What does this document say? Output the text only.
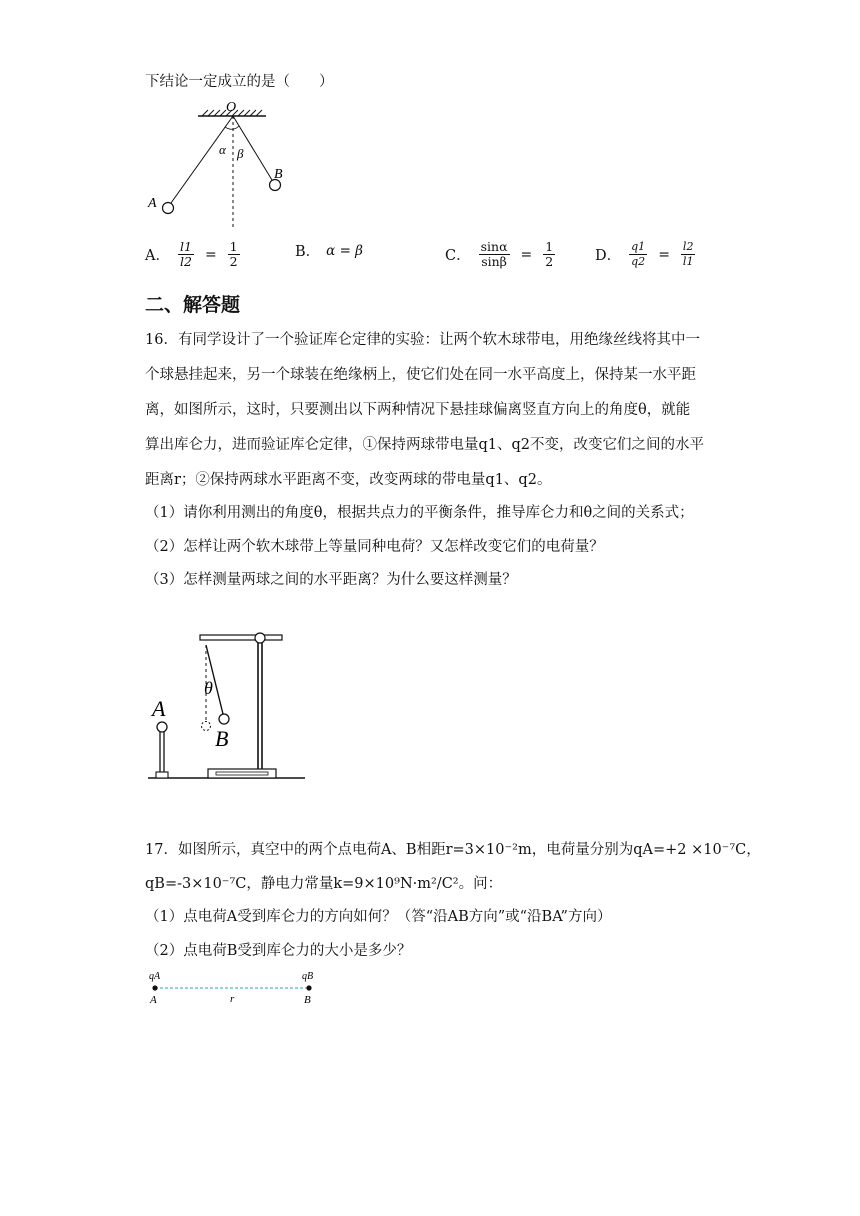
下结论一定成立的是（　　）
O
α β
A
B
A． $\frac{l1}{l2} = \frac{1}{2}$	B． α = β	C． $\frac{\sin\alpha}{\sin\beta} = \frac{1}{2}$	D． $\frac{q1}{q2} = \frac{l2}{l1}$
二、解答题
16．有同学设计了一个验证库仑定律的实验：让两个软木球带电，用绝缘丝线将其中一
个球悬挂起来，另一个球装在绝缘柄上，使它们处在同一水平高度上，保持某一水平距
离，如图所示，这时，只要测出以下两种情况下悬挂球偏离竖直方向上的角度θ，就能
算出库仑力，进而验证库仑定律，①保持两球带电量q1、q2不变，改变它们之间的水平
距离r；②保持两球水平距离不变，改变两球的带电量q1、q2。
（1）请你利用测出的角度θ，根据共点力的平衡条件，推导库仑力和θ之间的关系式；
（2）怎样让两个软木球带上等量同种电荷？又怎样改变它们的电荷量？
（3）怎样测量两球之间的水平距离？为什么要这样测量？
A
B
θ
17．如图所示，真空中的两个点电荷A、B相距r=3×10⁻²m，电荷量分别为qA=+2 ×10⁻⁷C，
qB=-3×10⁻⁷C，静电力常量k=9×10⁹N·m²/C²。问：
（1）点电荷A受到库仑力的方向如何？（答“沿AB方向”或“沿BA”方向）
（2）点电荷B受到库仑力的大小是多少？
qA	qB
A	B
r
